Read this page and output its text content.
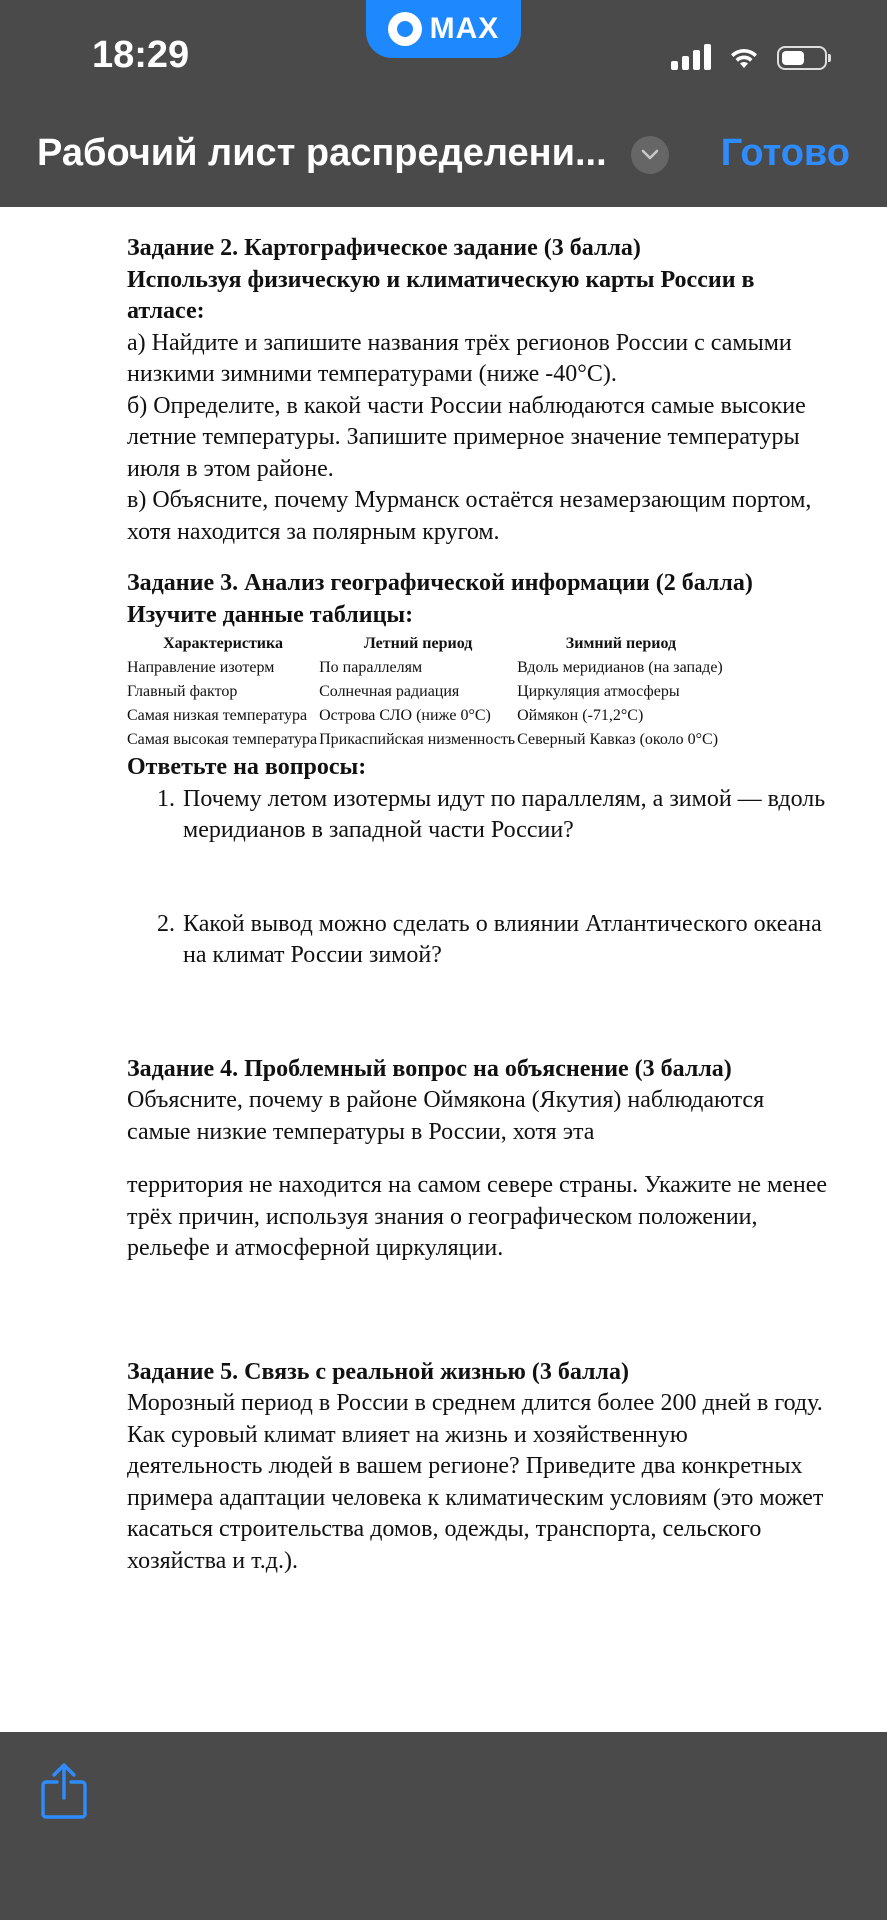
MAX
18:29
Рабочий лист распределени...	Готово

Задание 2. Картографическое задание (3 балла)

Используя физическую и климатическую карты России в атласе:

а) Найдите и запишите названия трёх регионов России с самыми низкими зимними температурами (ниже -40°C).

б) Определите, в какой части России наблюдаются самые высокие летние температуры. Запишите примерное значение температуры июля в этом районе.

в) Объясните, почему Мурманск остаётся незамерзающим портом, хотя находится за полярным кругом.

Задание 3. Анализ географической информации (2 балла)

Изучите данные таблицы:

Характеристика	Летний период	Зимний период
Направление изотерм	По параллелям	Вдоль меридианов (на западе)
Главный фактор	Солнечная радиация	Циркуляция атмосферы
Самая низкая температура	Острова СЛО (ниже 0°C)	Оймякон (-71,2°C)
Самая высокая температура	Прикаспийская низменность	Северный Кавказ (около 0°C)

Ответьте на вопросы:

1. Почему летом изотермы идут по параллелям, а зимой — вдоль меридианов в западной части России?
2. Какой вывод можно сделать о влиянии Атлантического океана на климат России зимой?

Задание 4. Проблемный вопрос на объяснение (3 балла)

Объясните, почему в районе Оймякона (Якутия) наблюдаются самые низкие температуры в России, хотя эта

территория не находится на самом севере страны. Укажите не менее трёх причин, используя знания о географическом положении, рельефе и атмосферной циркуляции.

Задание 5. Связь с реальной жизнью (3 балла)

Морозный период в России в среднем длится более 200 дней в году. Как суровый климат влияет на жизнь и хозяйственную деятельность людей в вашем регионе? Приведите два конкретных примера адаптации человека к климатическим условиям (это может касаться строительства домов, одежды, транспорта, сельского хозяйства и т.д.).
